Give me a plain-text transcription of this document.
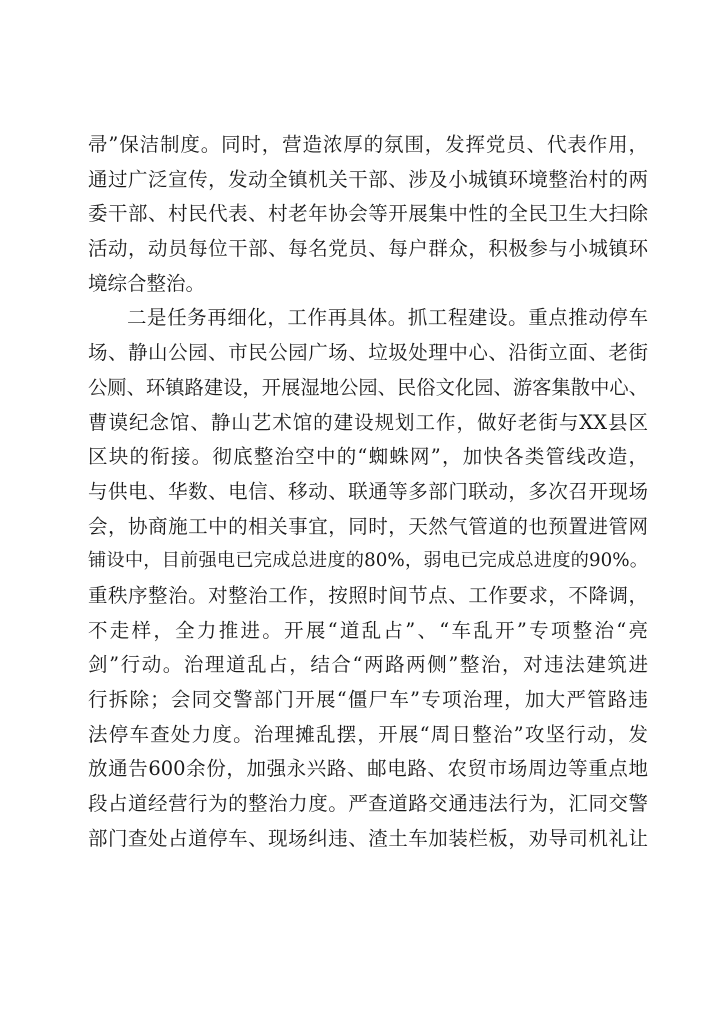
帚”保洁制度。同时，营造浓厚的氛围，发挥党员、代表作用，
通过广泛宣传，发动全镇机关干部、涉及小城镇环境整治村的两
委干部、村民代表、村老年协会等开展集中性的全民卫生大扫除
活动，动员每位干部、每名党员、每户群众，积极参与小城镇环
境综合整治。
二是任务再细化，工作再具体。抓工程建设。重点推动停车
场、静山公园、市民公园广场、垃圾处理中心、沿街立面、老街
公厕、环镇路建设，开展湿地公园、民俗文化园、游客集散中心、
曹谟纪念馆、静山艺术馆的建设规划工作，做好老街与XX县区
区块的衔接。彻底整治空中的“蜘蛛网”，加快各类管线改造，
与供电、华数、电信、移动、联通等多部门联动，多次召开现场
会，协商施工中的相关事宜，同时，天然气管道的也预置进管网
铺设中，目前强电已完成总进度的80%，弱电已完成总进度的90%。
重秩序整治。对整治工作，按照时间节点、工作要求，不降调，
不走样，全力推进。开展“道乱占”、“车乱开”专项整治“亮
剑”行动。治理道乱占，结合“两路两侧”整治，对违法建筑进
行拆除；会同交警部门开展“僵尸车”专项治理，加大严管路违
法停车查处力度。治理摊乱摆，开展“周日整治”攻坚行动，发
放通告600余份，加强永兴路、邮电路、农贸市场周边等重点地
段占道经营行为的整治力度。严查道路交通违法行为，汇同交警
部门查处占道停车、现场纠违、渣土车加装栏板，劝导司机礼让
